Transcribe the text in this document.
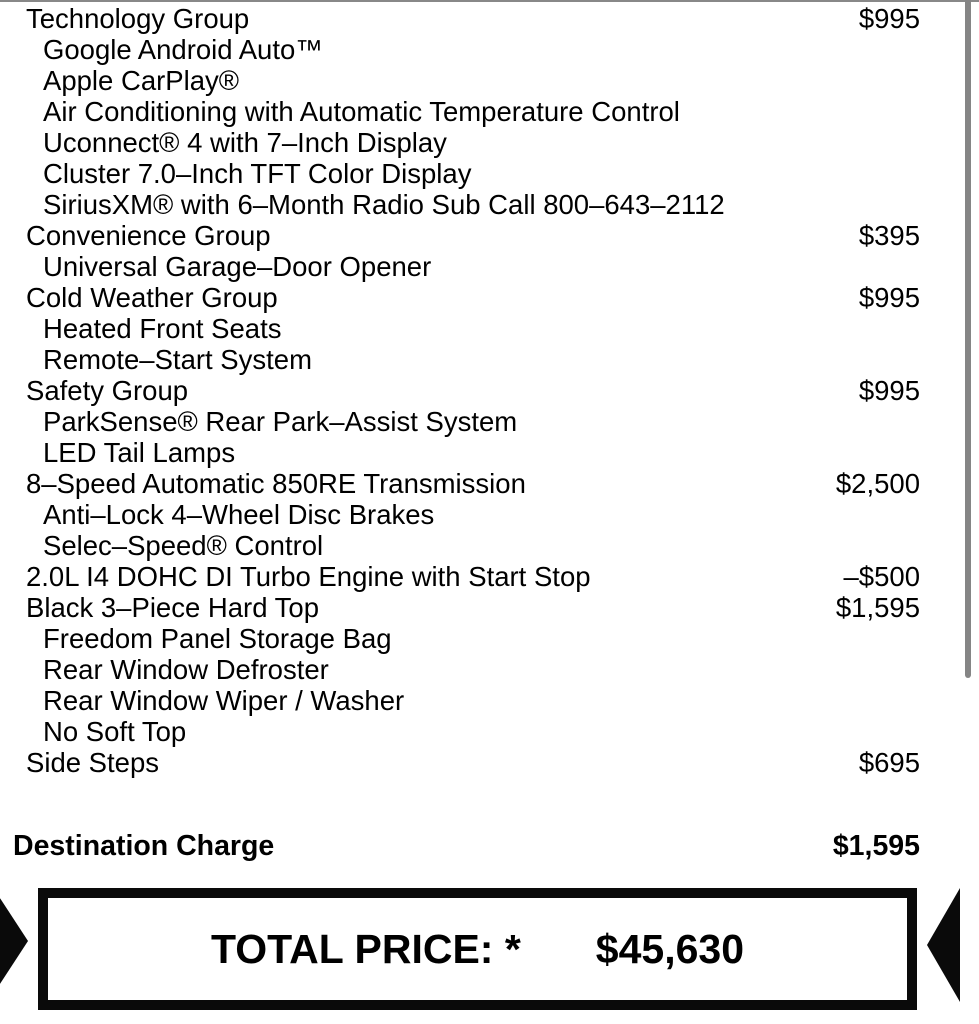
Technology Group	$995
Google Android Auto™
Apple CarPlay®
Air Conditioning with Automatic Temperature Control
Uconnect® 4 with 7–Inch Display
Cluster 7.0–Inch TFT Color Display
SiriusXM® with 6–Month Radio Sub Call 800–643–2112
Convenience Group	$395
Universal Garage–Door Opener
Cold Weather Group	$995
Heated Front Seats
Remote–Start System
Safety Group	$995
ParkSense® Rear Park–Assist System
LED Tail Lamps
8–Speed Automatic 850RE Transmission	$2,500
Anti–Lock 4–Wheel Disc Brakes
Selec–Speed® Control
2.0L I4 DOHC DI Turbo Engine with Start Stop	–$500
Black 3–Piece Hard Top	$1,595
Freedom Panel Storage Bag
Rear Window Defroster
Rear Window Wiper / Washer
No Soft Top
Side Steps	$695
Destination Charge	$1,595
TOTAL PRICE: * $45,630
